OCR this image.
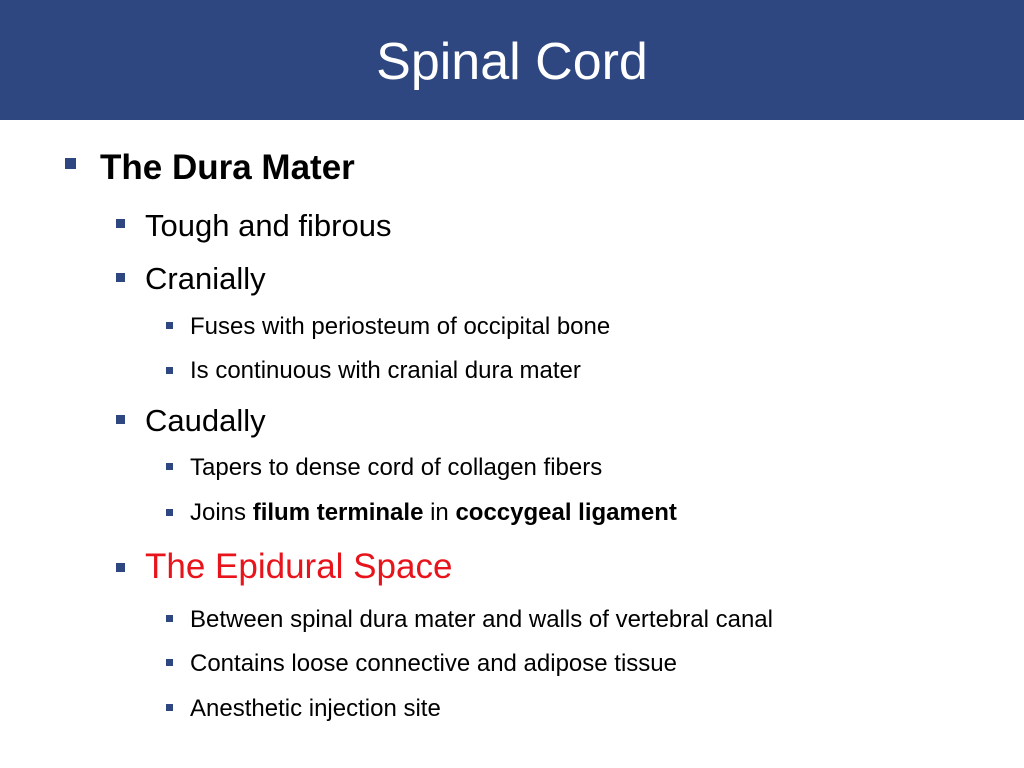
Spinal Cord
The Dura Mater
Tough and fibrous
Cranially
Fuses with periosteum of occipital bone
Is continuous with cranial dura mater
Caudally
Tapers to dense cord of collagen fibers
Joins filum terminale in coccygeal ligament
The Epidural Space
Between spinal dura mater and walls of vertebral canal
Contains loose connective and adipose tissue
Anesthetic injection site
